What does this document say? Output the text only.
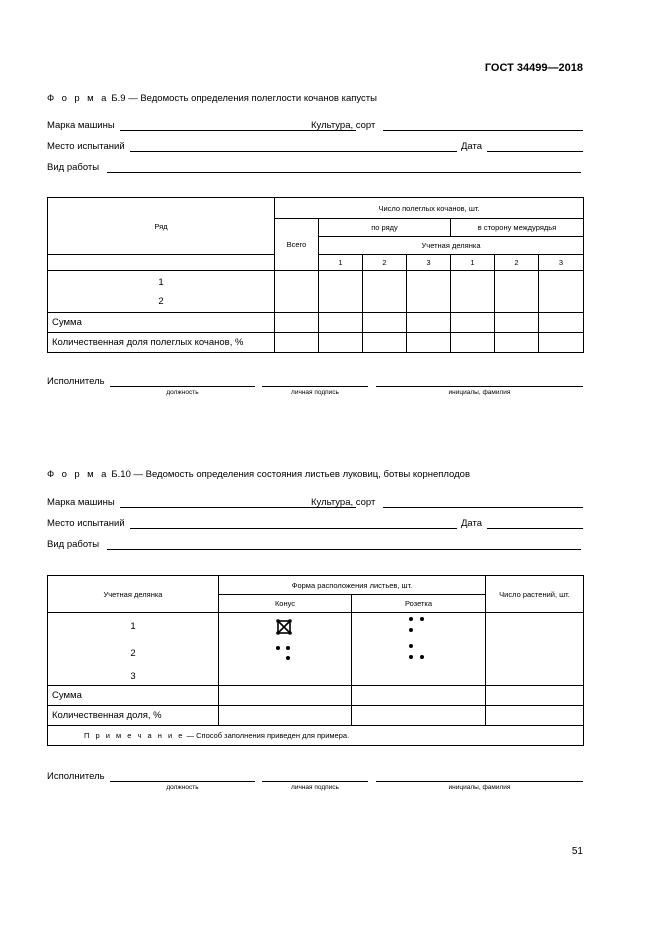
ГОСТ 34499—2018
Ф о р м а Б.9 — Ведомость определения полеглости кочанов капусты
Марка машины	Культура, сорт
Место испытаний	Дата
Вид работы
Ряд	Число полеглых кочанов, шт.						
	Всего	по ряду			в сторону междурядья		
		Учетная делянка					
		1	2	3	1	2	3

1
2							

Сумма							
Количественная доля полеглых кочанов, %							
Исполнитель
должность	личная подпись	инициалы, фамилия
Ф о р м а Б.10 — Ведомость определения состояния листьев луковиц, ботвы корнеплодов
Марка машины	Культура, сорт
Место испытаний	Дата
Вид работы
Учетная делянка	Форма расположения листьев, шт.		Число растений, шт.
	Конус	Розетка	

1
2
3

Сумма			
Количественная доля, %			
П р и м е ч а н и е — Способ заполнения приведен для примера.			
Исполнитель
должность	личная подпись	инициалы, фамилия
51
